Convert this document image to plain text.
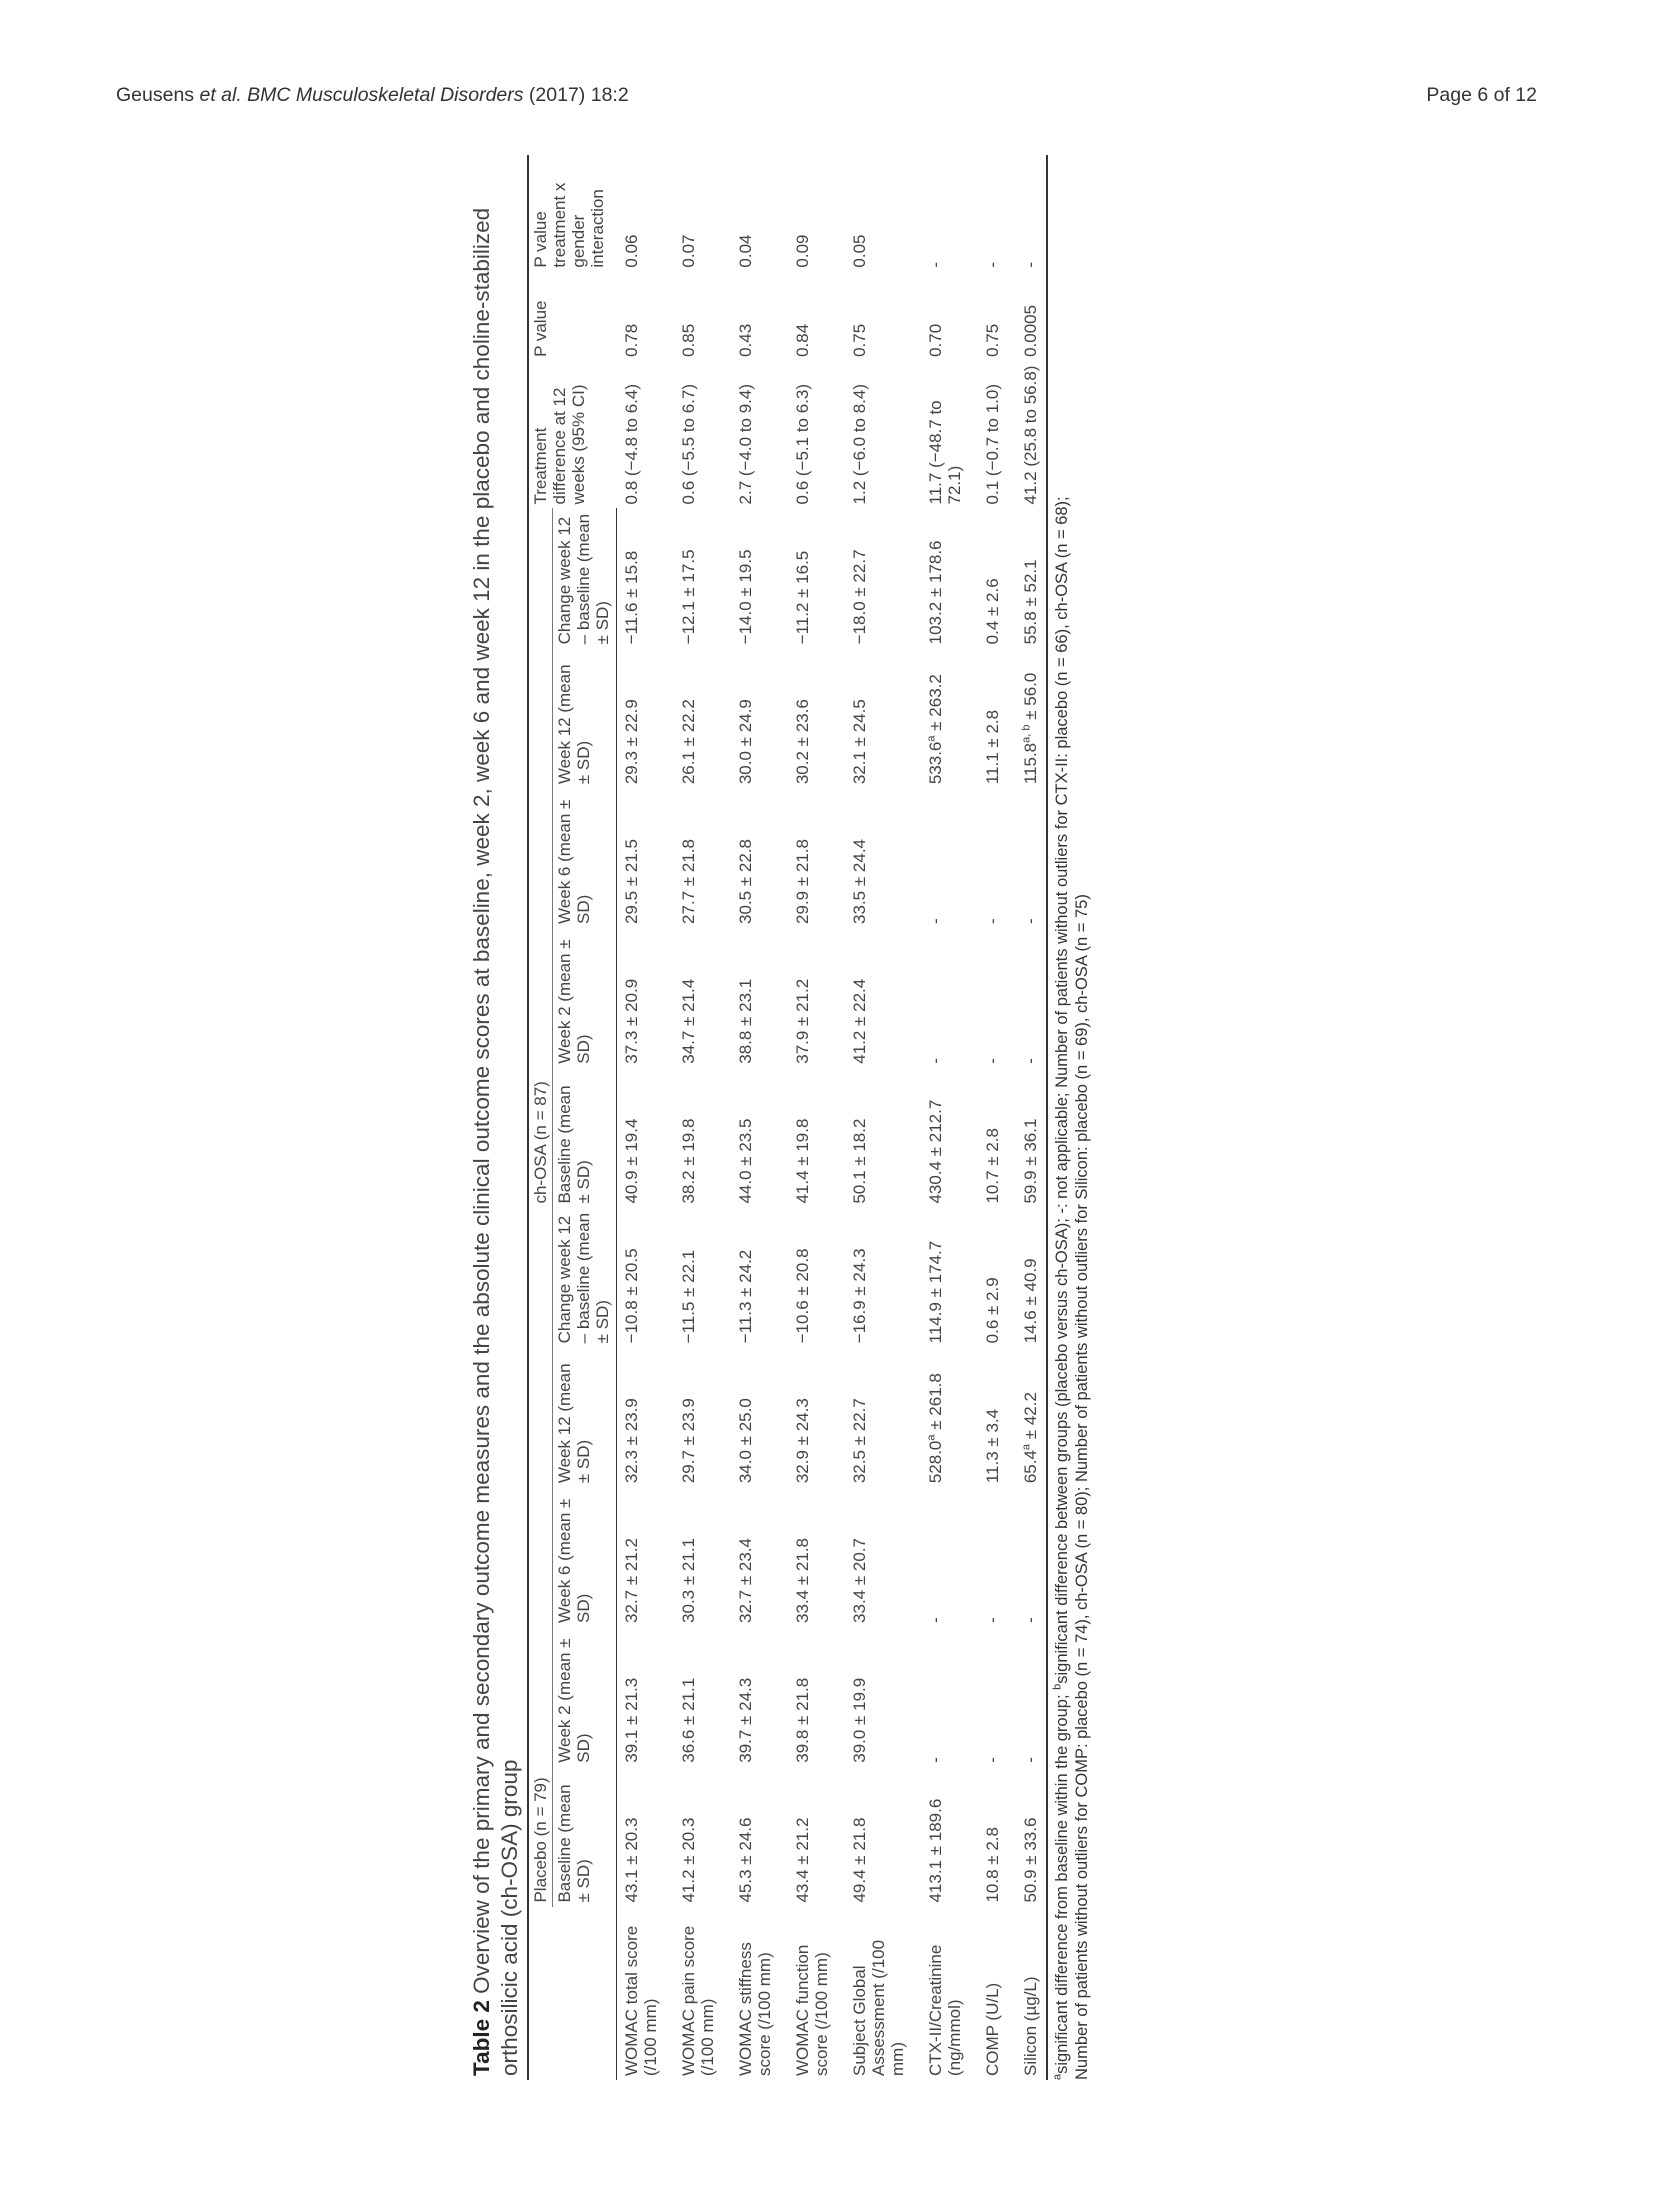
Geusens et al. BMC Musculoskeletal Disorders (2017) 18:2	Page 6 of 12
Table 2 Overview of the primary and secondary outcome measures and the absolute clinical outcome scores at baseline, week 2, week 6 and week 12 in the placebo and choline-stabilized orthosilicic acid (ch-OSA) group
	Placebo (n = 79)					ch-OSA (n = 87)					Treatment difference at 12 weeks (95% CI)	P value	P value treatment x gender interaction
	Baseline (mean ± SD)	Week 2 (mean ± SD)	Week 6 (mean ± SD)	Week 12 (mean ± SD)	Change week 12 – baseline (mean ± SD)	Baseline (mean ± SD)	Week 2 (mean ± SD)	Week 6 (mean ± SD)	Week 12 (mean ± SD)	Change week 12 – baseline (mean ± SD)			
WOMAC total score (/100 mm)	43.1 ± 20.3	39.1 ± 21.3	32.7 ± 21.2	32.3 ± 23.9	−10.8 ± 20.5	40.9 ± 19.4	37.3 ± 20.9	29.5 ± 21.5	29.3 ± 22.9	−11.6 ± 15.8	0.8 (−4.8 to 6.4)	0.78	0.06
WOMAC pain score (/100 mm)	41.2 ± 20.3	36.6 ± 21.1	30.3 ± 21.1	29.7 ± 23.9	−11.5 ± 22.1	38.2 ± 19.8	34.7 ± 21.4	27.7 ± 21.8	26.1 ± 22.2	−12.1 ± 17.5	0.6 (−5.5 to 6.7)	0.85	0.07
WOMAC stiffness score (/100 mm)	45.3 ± 24.6	39.7 ± 24.3	32.7 ± 23.4	34.0 ± 25.0	−11.3 ± 24.2	44.0 ± 23.5	38.8 ± 23.1	30.5 ± 22.8	30.0 ± 24.9	−14.0 ± 19.5	2.7 (−4.0 to 9.4)	0.43	0.04
WOMAC function score (/100 mm)	43.4 ± 21.2	39.8 ± 21.8	33.4 ± 21.8	32.9 ± 24.3	−10.6 ± 20.8	41.4 ± 19.8	37.9 ± 21.2	29.9 ± 21.8	30.2 ± 23.6	−11.2 ± 16.5	0.6 (−5.1 to 6.3)	0.84	0.09
Subject Global Assessment (/100 mm)	49.4 ± 21.8	39.0 ± 19.9	33.4 ± 20.7	32.5 ± 22.7	−16.9 ± 24.3	50.1 ± 18.2	41.2 ± 22.4	33.5 ± 24.4	32.1 ± 24.5	−18.0 ± 22.7	1.2 (−6.0 to 8.4)	0.75	0.05
CTX-II/Creatinine (ng/mmol)	413.1 ± 189.6	-	-	528.0$^a$ ± 261.8	114.9 ± 174.7	430.4 ± 212.7	-	-	533.6$^a$ ± 263.2	103.2 ± 178.6	11.7 (−48.7 to 72.1)	0.70	-
COMP (U/L)	10.8 ± 2.8	-	-	11.3 ± 3.4	0.6 ± 2.9	10.7 ± 2.8	-	-	11.1 ± 2.8	0.4 ± 2.6	0.1 (−0.7 to 1.0)	0.75	-
Silicon (µg/L)	50.9 ± 33.6	-	-	65.4$^a$ ± 42.2	14.6 ± 40.9	59.9 ± 36.1	-	-	$115.8^{a, b} \pm 56.0$	55.8 ± 52.1	41.2 (25.8 to 56.8)	0.0005	-
$^a$significant difference from baseline within the group; $^b$significant difference between groups (placebo versus ch-OSA); -: not applicable; Number of patients without outliers for CTX-II: placebo (n = 66), ch-OSA (n = 68); Number of patients without outliers for COMP: placebo (n = 74), ch-OSA (n = 80); Number of patients without outliers for Silicon: placebo (n = 69), ch-OSA (n = 75)
